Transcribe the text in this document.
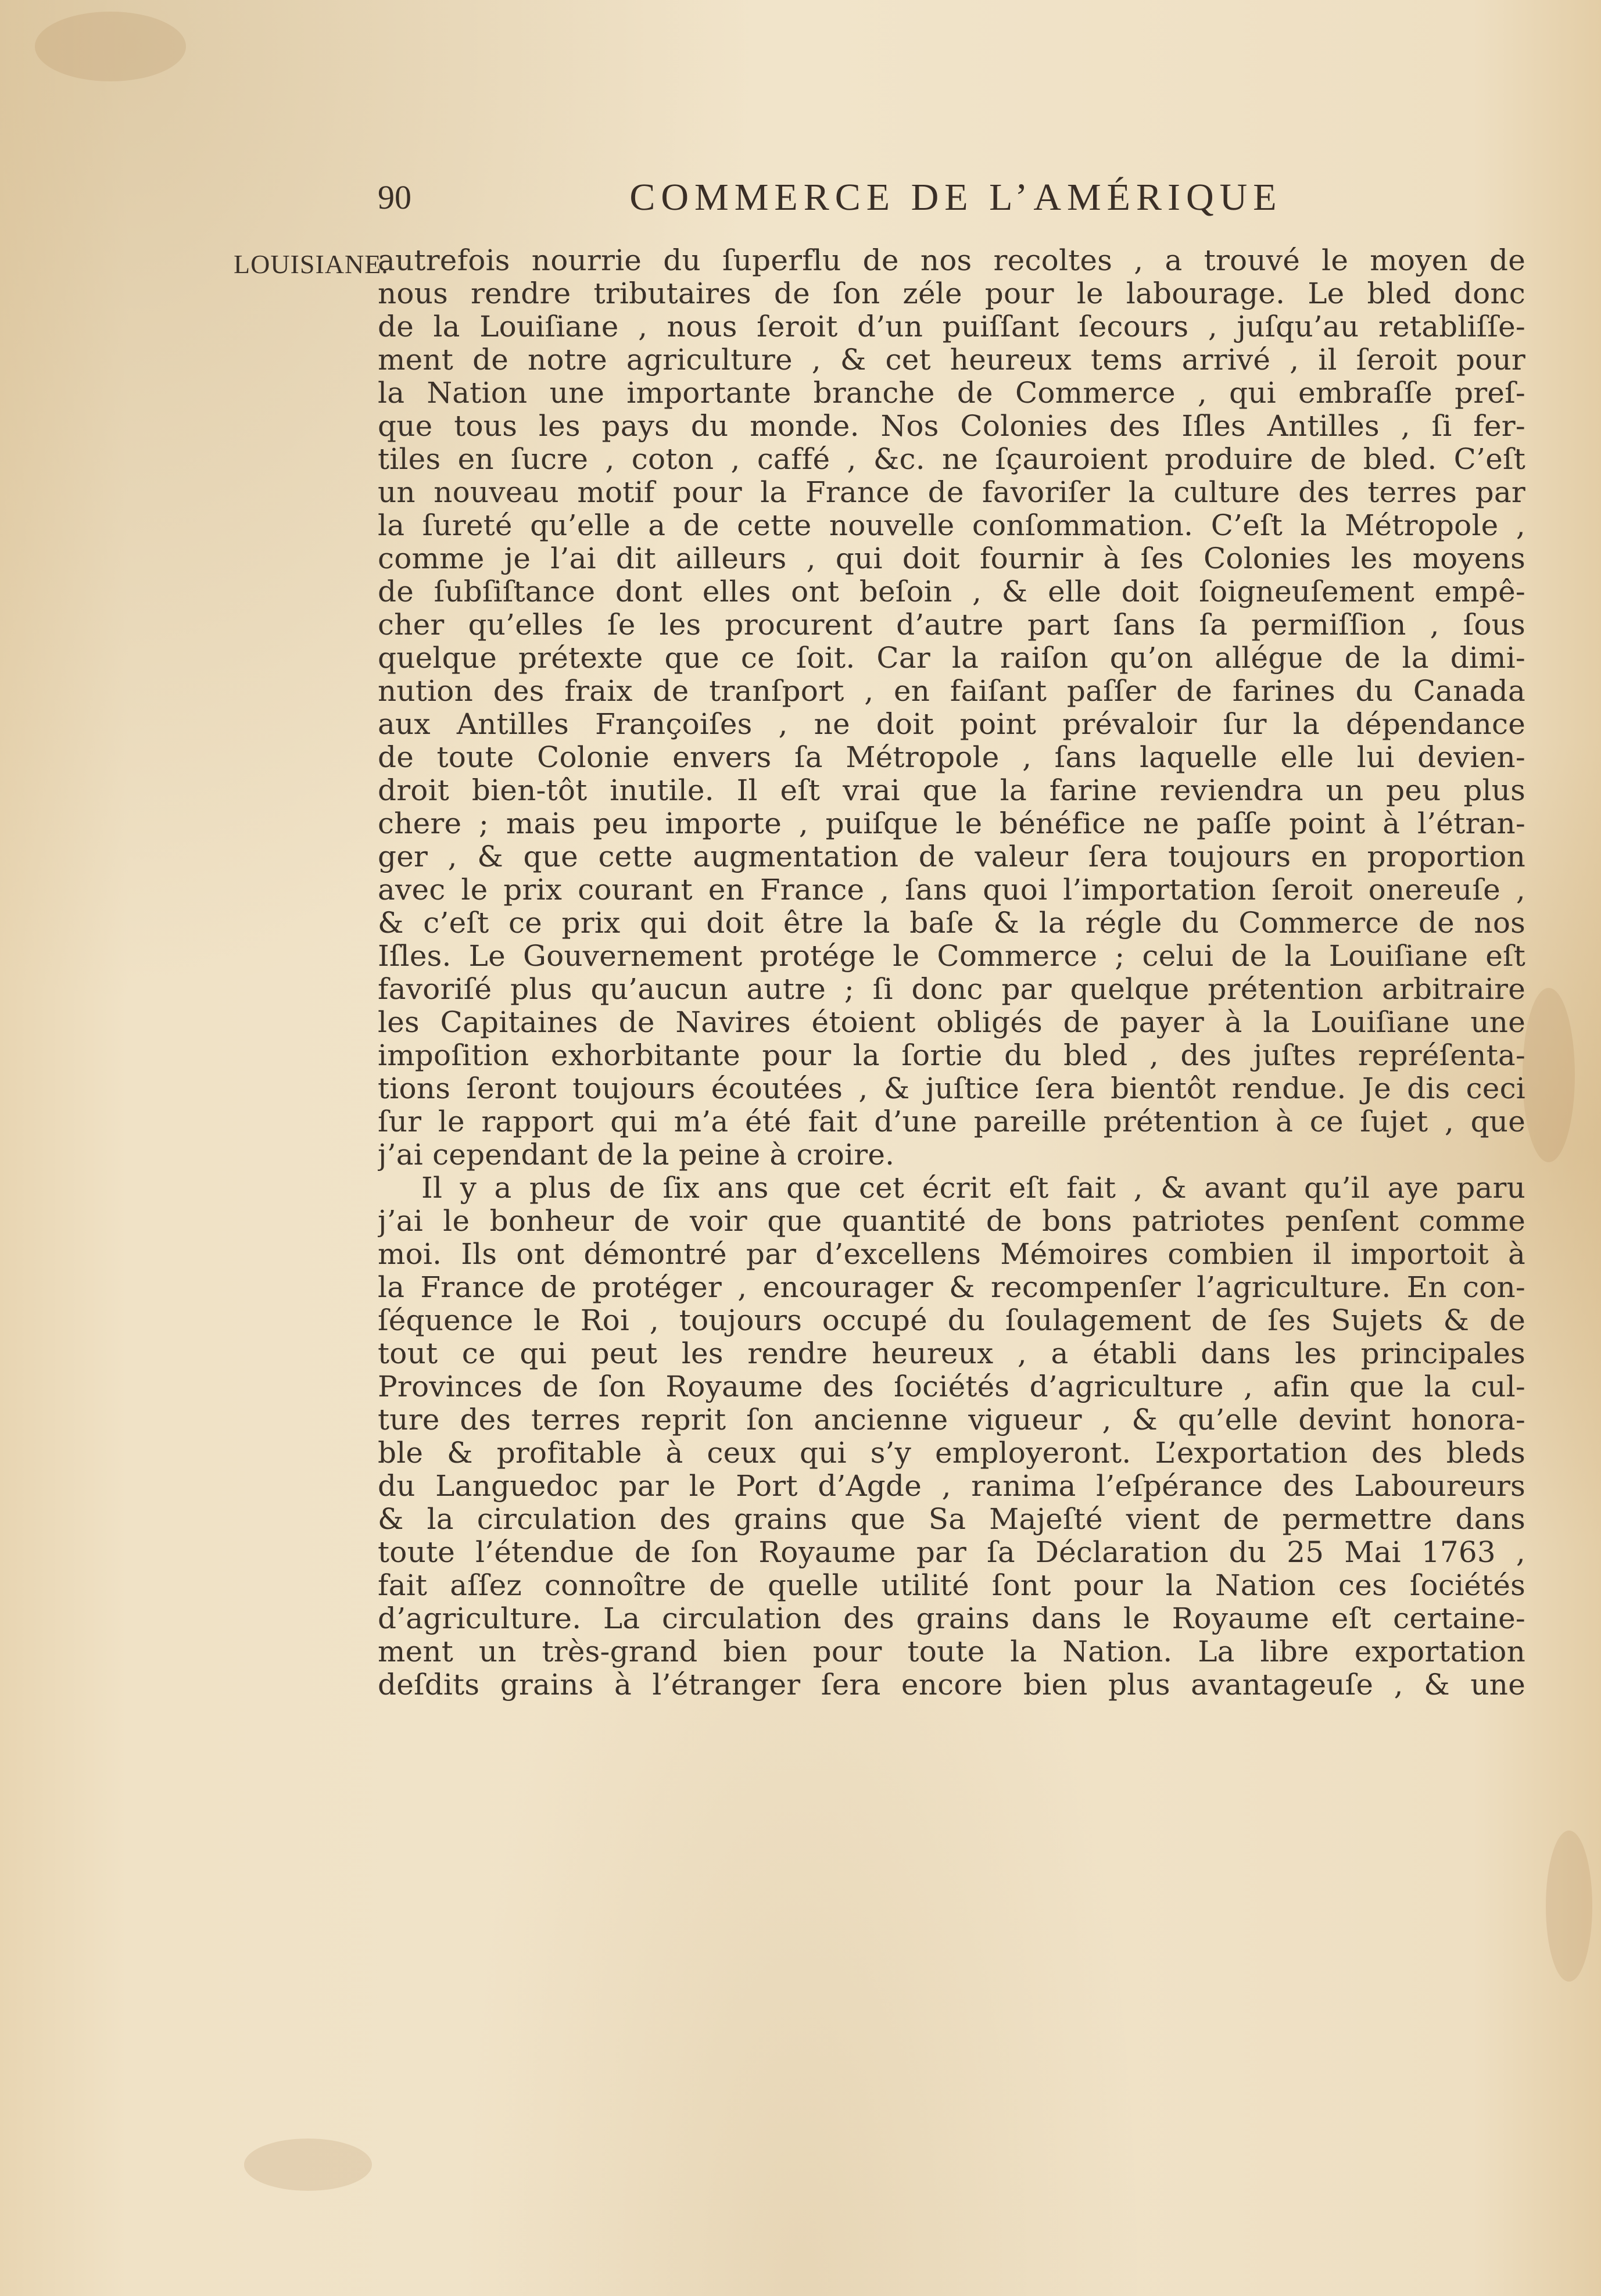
90	COMMERCE DE L’AMÉRIQUE
LOUISIANE.
autrefois nourrie du ſuperflu de nos recoltes , a trouvé le moyen de
nous rendre tributaires de ſon zéle pour le labourage. Le bled donc
de la Louiſiane , nous ſeroit d’un puiſſant ſecours , juſqu’au retabliſſe-
ment de notre agriculture , & cet heureux tems arrivé , il ſeroit pour
la Nation une importante branche de Commerce , qui embraſſe preſ-
que tous les pays du monde. Nos Colonies des Iſles Antilles , ſi fer-
tiles en ſucre , coton , caffé , &c. ne ſçauroient produire de bled. C’eſt
un nouveau motif pour la France de favoriſer la culture des terres par
la ſureté qu’elle a de cette nouvelle conſommation. C’eſt la Métropole ,
comme je l’ai dit ailleurs , qui doit fournir à ſes Colonies les moyens
de ſubſiſtance dont elles ont beſoin , & elle doit ſoigneuſement empê-
cher qu’elles ſe les procurent d’autre part ſans ſa permiſſion , ſous
quelque prétexte que ce ſoit. Car la raiſon qu’on allégue de la dimi-
nution des fraix de tranſport , en faiſant paſſer de farines du Canada
aux Antilles Françoiſes , ne doit point prévaloir ſur la dépendance
de toute Colonie envers ſa Métropole , ſans laquelle elle lui devien-
droit bien-tôt inutile. Il eſt vrai que la farine reviendra un peu plus
chere ; mais peu importe , puiſque le bénéfice ne paſſe point à l’étran-
ger , & que cette augmentation de valeur ſera toujours en proportion
avec le prix courant en France , ſans quoi l’importation ſeroit onereuſe ,
& c’eſt ce prix qui doit être la baſe & la régle du Commerce de nos
Iſles. Le Gouvernement protége le Commerce ; celui de la Louiſiane eſt
favoriſé plus qu’aucun autre ; ſi donc par quelque prétention arbitraire
les Capitaines de Navires étoient obligés de payer à la Louiſiane une
impoſition exhorbitante pour la ſortie du bled , des juſtes repréſenta-
tions ſeront toujours écoutées , & juſtice ſera bientôt rendue. Je dis ceci
ſur le rapport qui m’a été fait d’une pareille prétention à ce ſujet , que
j’ai cependant de la peine à croire.
Il y a plus de ſix ans que cet écrit eſt fait , & avant qu’il aye paru
j’ai le bonheur de voir que quantité de bons patriotes penſent comme
moi. Ils ont démontré par d’excellens Mémoires combien il importoit à
la France de protéger , encourager & recompenſer l’agriculture. En con-
ſéquence le Roi , toujours occupé du ſoulagement de ſes Sujets & de
tout ce qui peut les rendre heureux , a établi dans les principales
Provinces de ſon Royaume des ſociétés d’agriculture , afin que la cul-
ture des terres reprit ſon ancienne vigueur , & qu’elle devint honora-
ble & profitable à ceux qui s’y employeront. L’exportation des bleds
du Languedoc par le Port d’Agde , ranima l’eſpérance des Laboureurs
& la circulation des grains que Sa Majeſté vient de permettre dans
toute l’étendue de ſon Royaume par ſa Déclaration du 25 Mai 1763 ,
fait aſſez connoître de quelle utilité ſont pour la Nation ces ſociétés
d’agriculture. La circulation des grains dans le Royaume eſt certaine-
ment un très-grand bien pour toute la Nation. La libre exportation
deſdits grains à l’étranger ſera encore bien plus avantageuſe , & une
